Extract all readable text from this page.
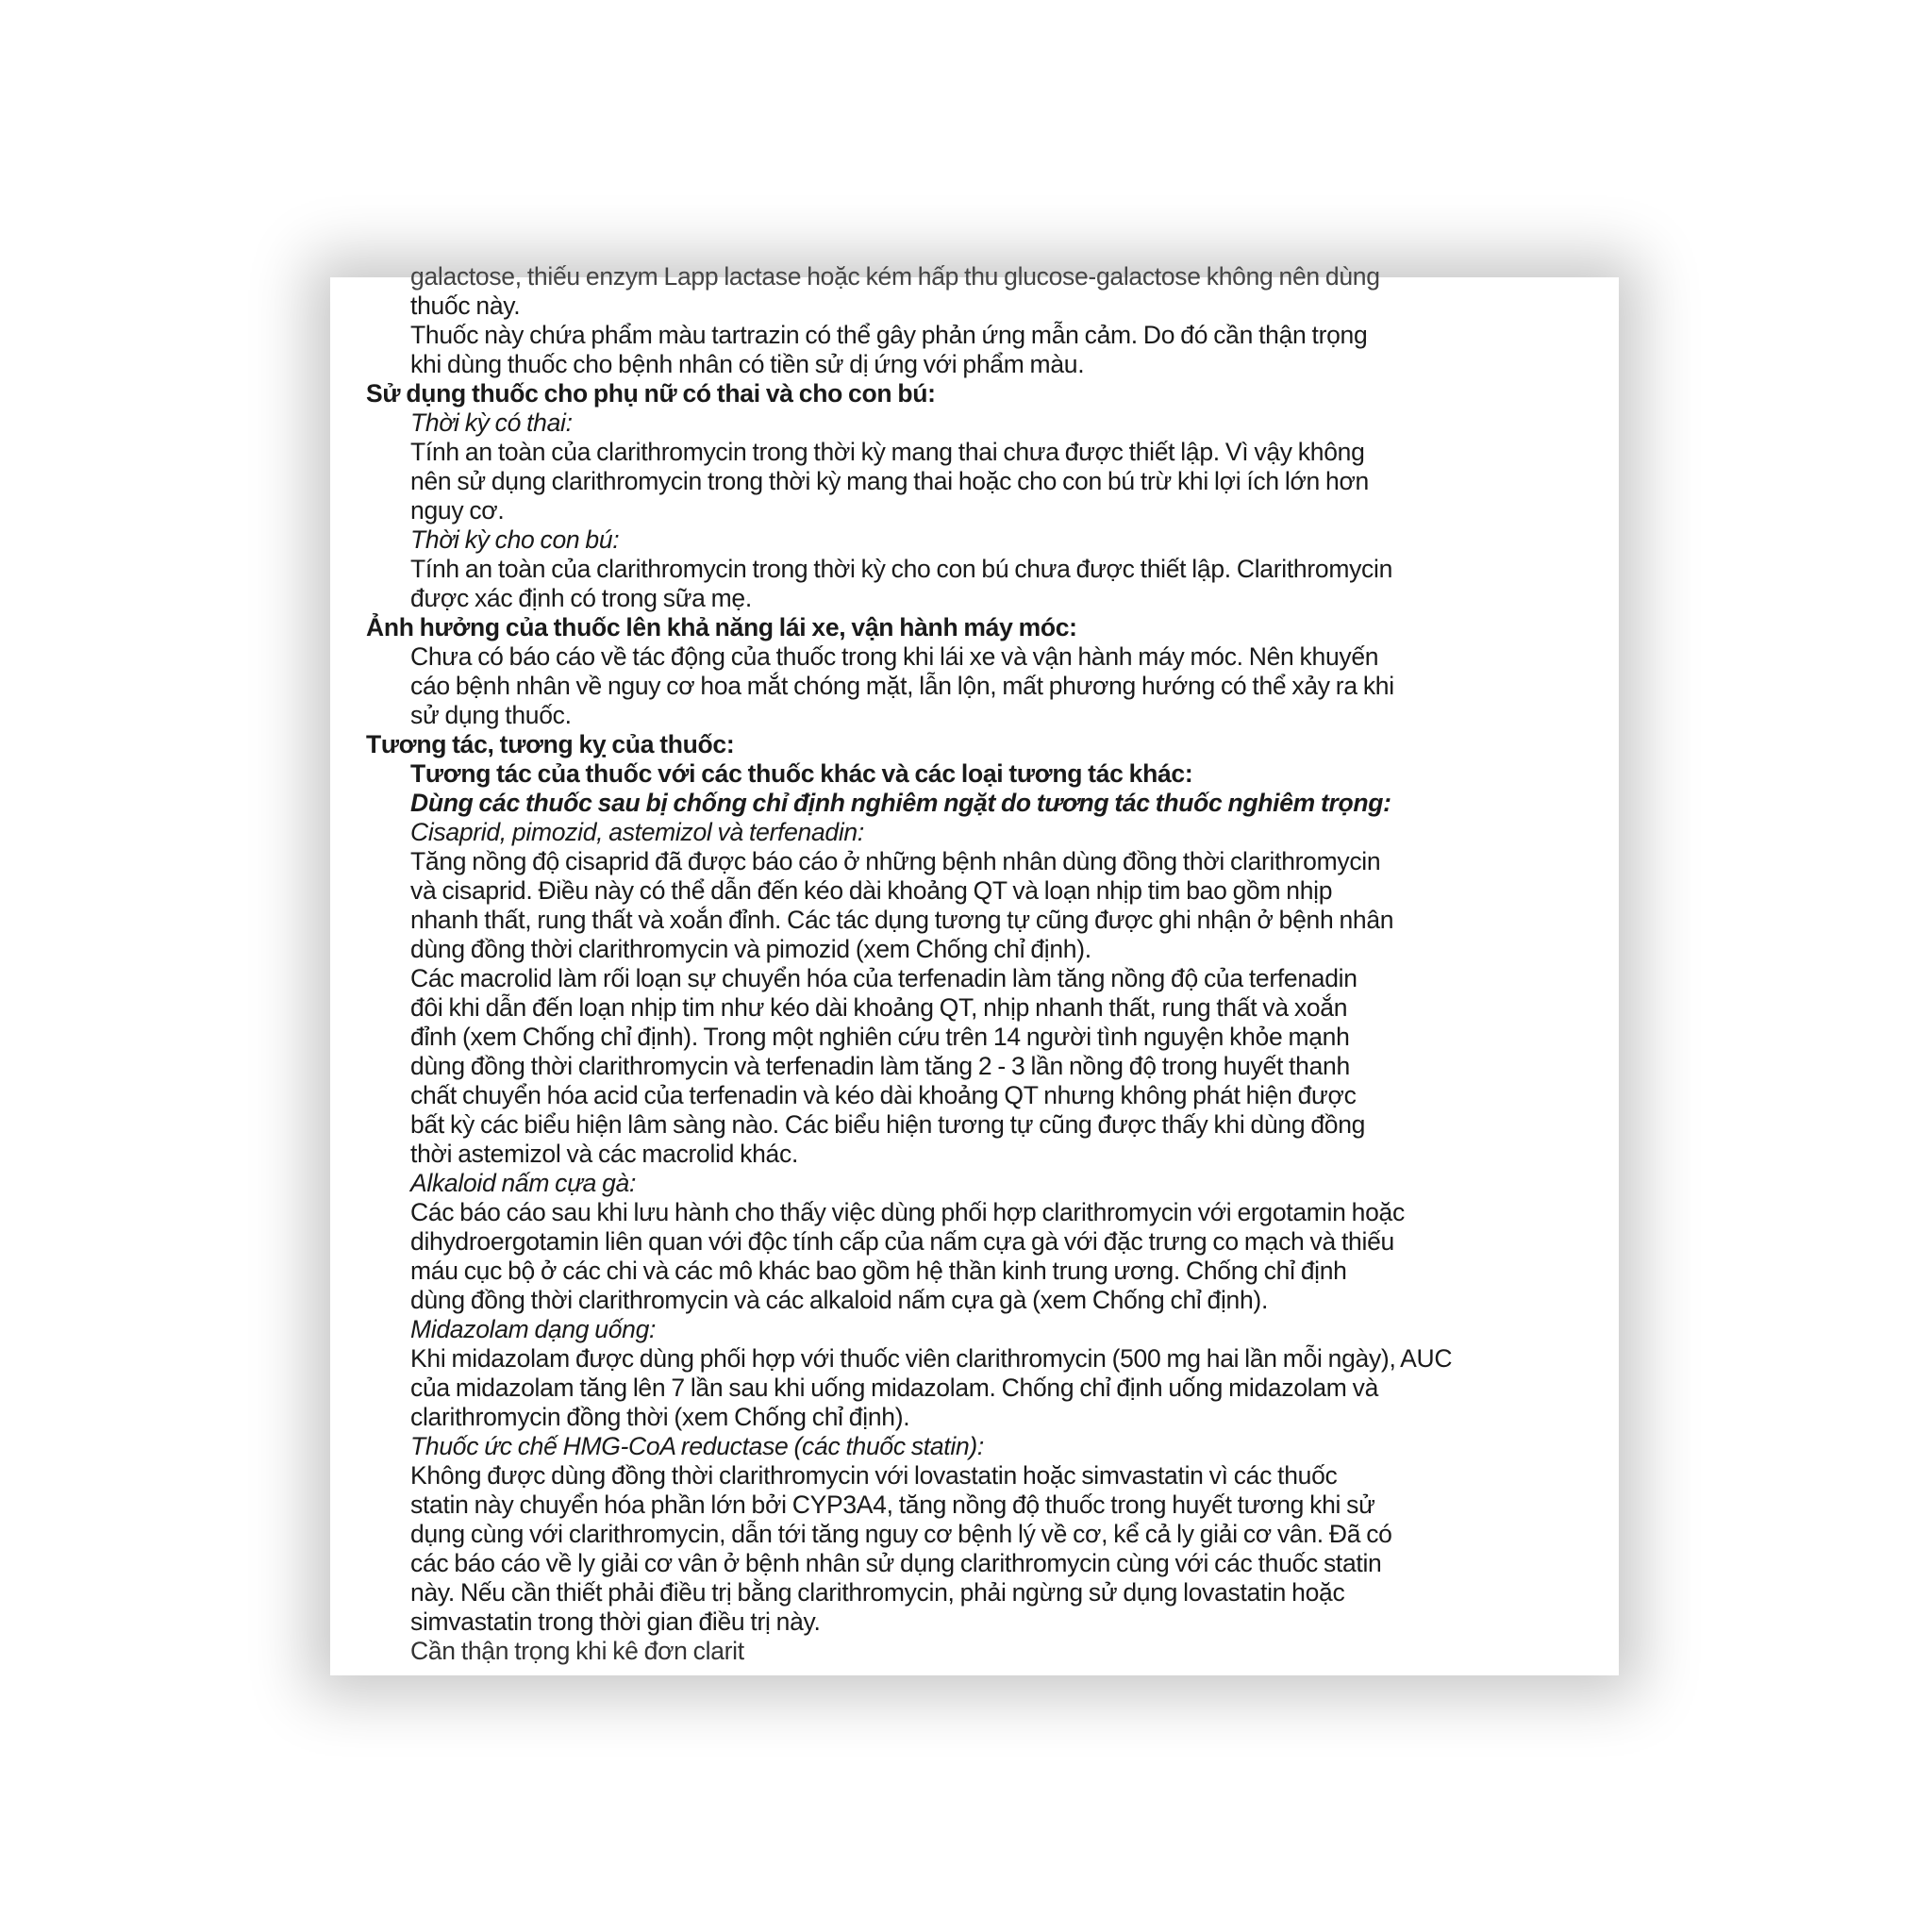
galactose, thiếu enzym Lapp lactase hoặc kém hấp thu glucose-galactose không nên dùng
thuốc này.
Thuốc này chứa phẩm màu tartrazin có thể gây phản ứng mẫn cảm. Do đó cần thận trọng
khi dùng thuốc cho bệnh nhân có tiền sử dị ứng với phẩm màu.
Sử dụng thuốc cho phụ nữ có thai và cho con bú:
Thời kỳ có thai:
Tính an toàn của clarithromycin trong thời kỳ mang thai chưa được thiết lập. Vì vậy không
nên sử dụng clarithromycin trong thời kỳ mang thai hoặc cho con bú trừ khi lợi ích lớn hơn
nguy cơ.
Thời kỳ cho con bú:
Tính an toàn của clarithromycin trong thời kỳ cho con bú chưa được thiết lập. Clarithromycin
được xác định có trong sữa mẹ.
Ảnh hưởng của thuốc lên khả năng lái xe, vận hành máy móc:
Chưa có báo cáo về tác động của thuốc trong khi lái xe và vận hành máy móc. Nên khuyến
cáo bệnh nhân về nguy cơ hoa mắt chóng mặt, lẫn lộn, mất phương hướng có thể xảy ra khi
sử dụng thuốc.
Tương tác, tương kỵ của thuốc:
Tương tác của thuốc với các thuốc khác và các loại tương tác khác:
Dùng các thuốc sau bị chống chỉ định nghiêm ngặt do tương tác thuốc nghiêm trọng:
Cisaprid, pimozid, astemizol và terfenadin:
Tăng nồng độ cisaprid đã được báo cáo ở những bệnh nhân dùng đồng thời clarithromycin
và cisaprid. Điều này có thể dẫn đến kéo dài khoảng QT và loạn nhịp tim bao gồm nhịp
nhanh thất, rung thất và xoắn đỉnh. Các tác dụng tương tự cũng được ghi nhận ở bệnh nhân
dùng đồng thời clarithromycin và pimozid (xem Chống chỉ định).
Các macrolid làm rối loạn sự chuyển hóa của terfenadin làm tăng nồng độ của terfenadin
đôi khi dẫn đến loạn nhịp tim như kéo dài khoảng QT, nhịp nhanh thất, rung thất và xoắn
đỉnh (xem Chống chỉ định). Trong một nghiên cứu trên 14 người tình nguyện khỏe mạnh
dùng đồng thời clarithromycin và terfenadin làm tăng 2 - 3 lần nồng độ trong huyết thanh
chất chuyển hóa acid của terfenadin và kéo dài khoảng QT nhưng không phát hiện được
bất kỳ các biểu hiện lâm sàng nào. Các biểu hiện tương tự cũng được thấy khi dùng đồng
thời astemizol và các macrolid khác.
Alkaloid nấm cựa gà:
Các báo cáo sau khi lưu hành cho thấy việc dùng phối hợp clarithromycin với ergotamin hoặc
dihydroergotamin liên quan với độc tính cấp của nấm cựa gà với đặc trưng co mạch và thiếu
máu cục bộ ở các chi và các mô khác bao gồm hệ thần kinh trung ương. Chống chỉ định
dùng đồng thời clarithromycin và các alkaloid nấm cựa gà (xem Chống chỉ định).
Midazolam dạng uống:
Khi midazolam được dùng phối hợp với thuốc viên clarithromycin (500 mg hai lần mỗi ngày), AUC
của midazolam tăng lên 7 lần sau khi uống midazolam. Chống chỉ định uống midazolam và
clarithromycin đồng thời (xem Chống chỉ định).
Thuốc ức chế HMG-CoA reductase (các thuốc statin):
Không được dùng đồng thời clarithromycin với lovastatin hoặc simvastatin vì các thuốc
statin này chuyển hóa phần lớn bởi CYP3A4, tăng nồng độ thuốc trong huyết tương khi sử
dụng cùng với clarithromycin, dẫn tới tăng nguy cơ bệnh lý về cơ, kể cả ly giải cơ vân. Đã có
các báo cáo về ly giải cơ vân ở bệnh nhân sử dụng clarithromycin cùng với các thuốc statin
này. Nếu cần thiết phải điều trị bằng clarithromycin, phải ngừng sử dụng lovastatin hoặc
simvastatin trong thời gian điều trị này.
Cần thận trọng khi kê đơn clarit
